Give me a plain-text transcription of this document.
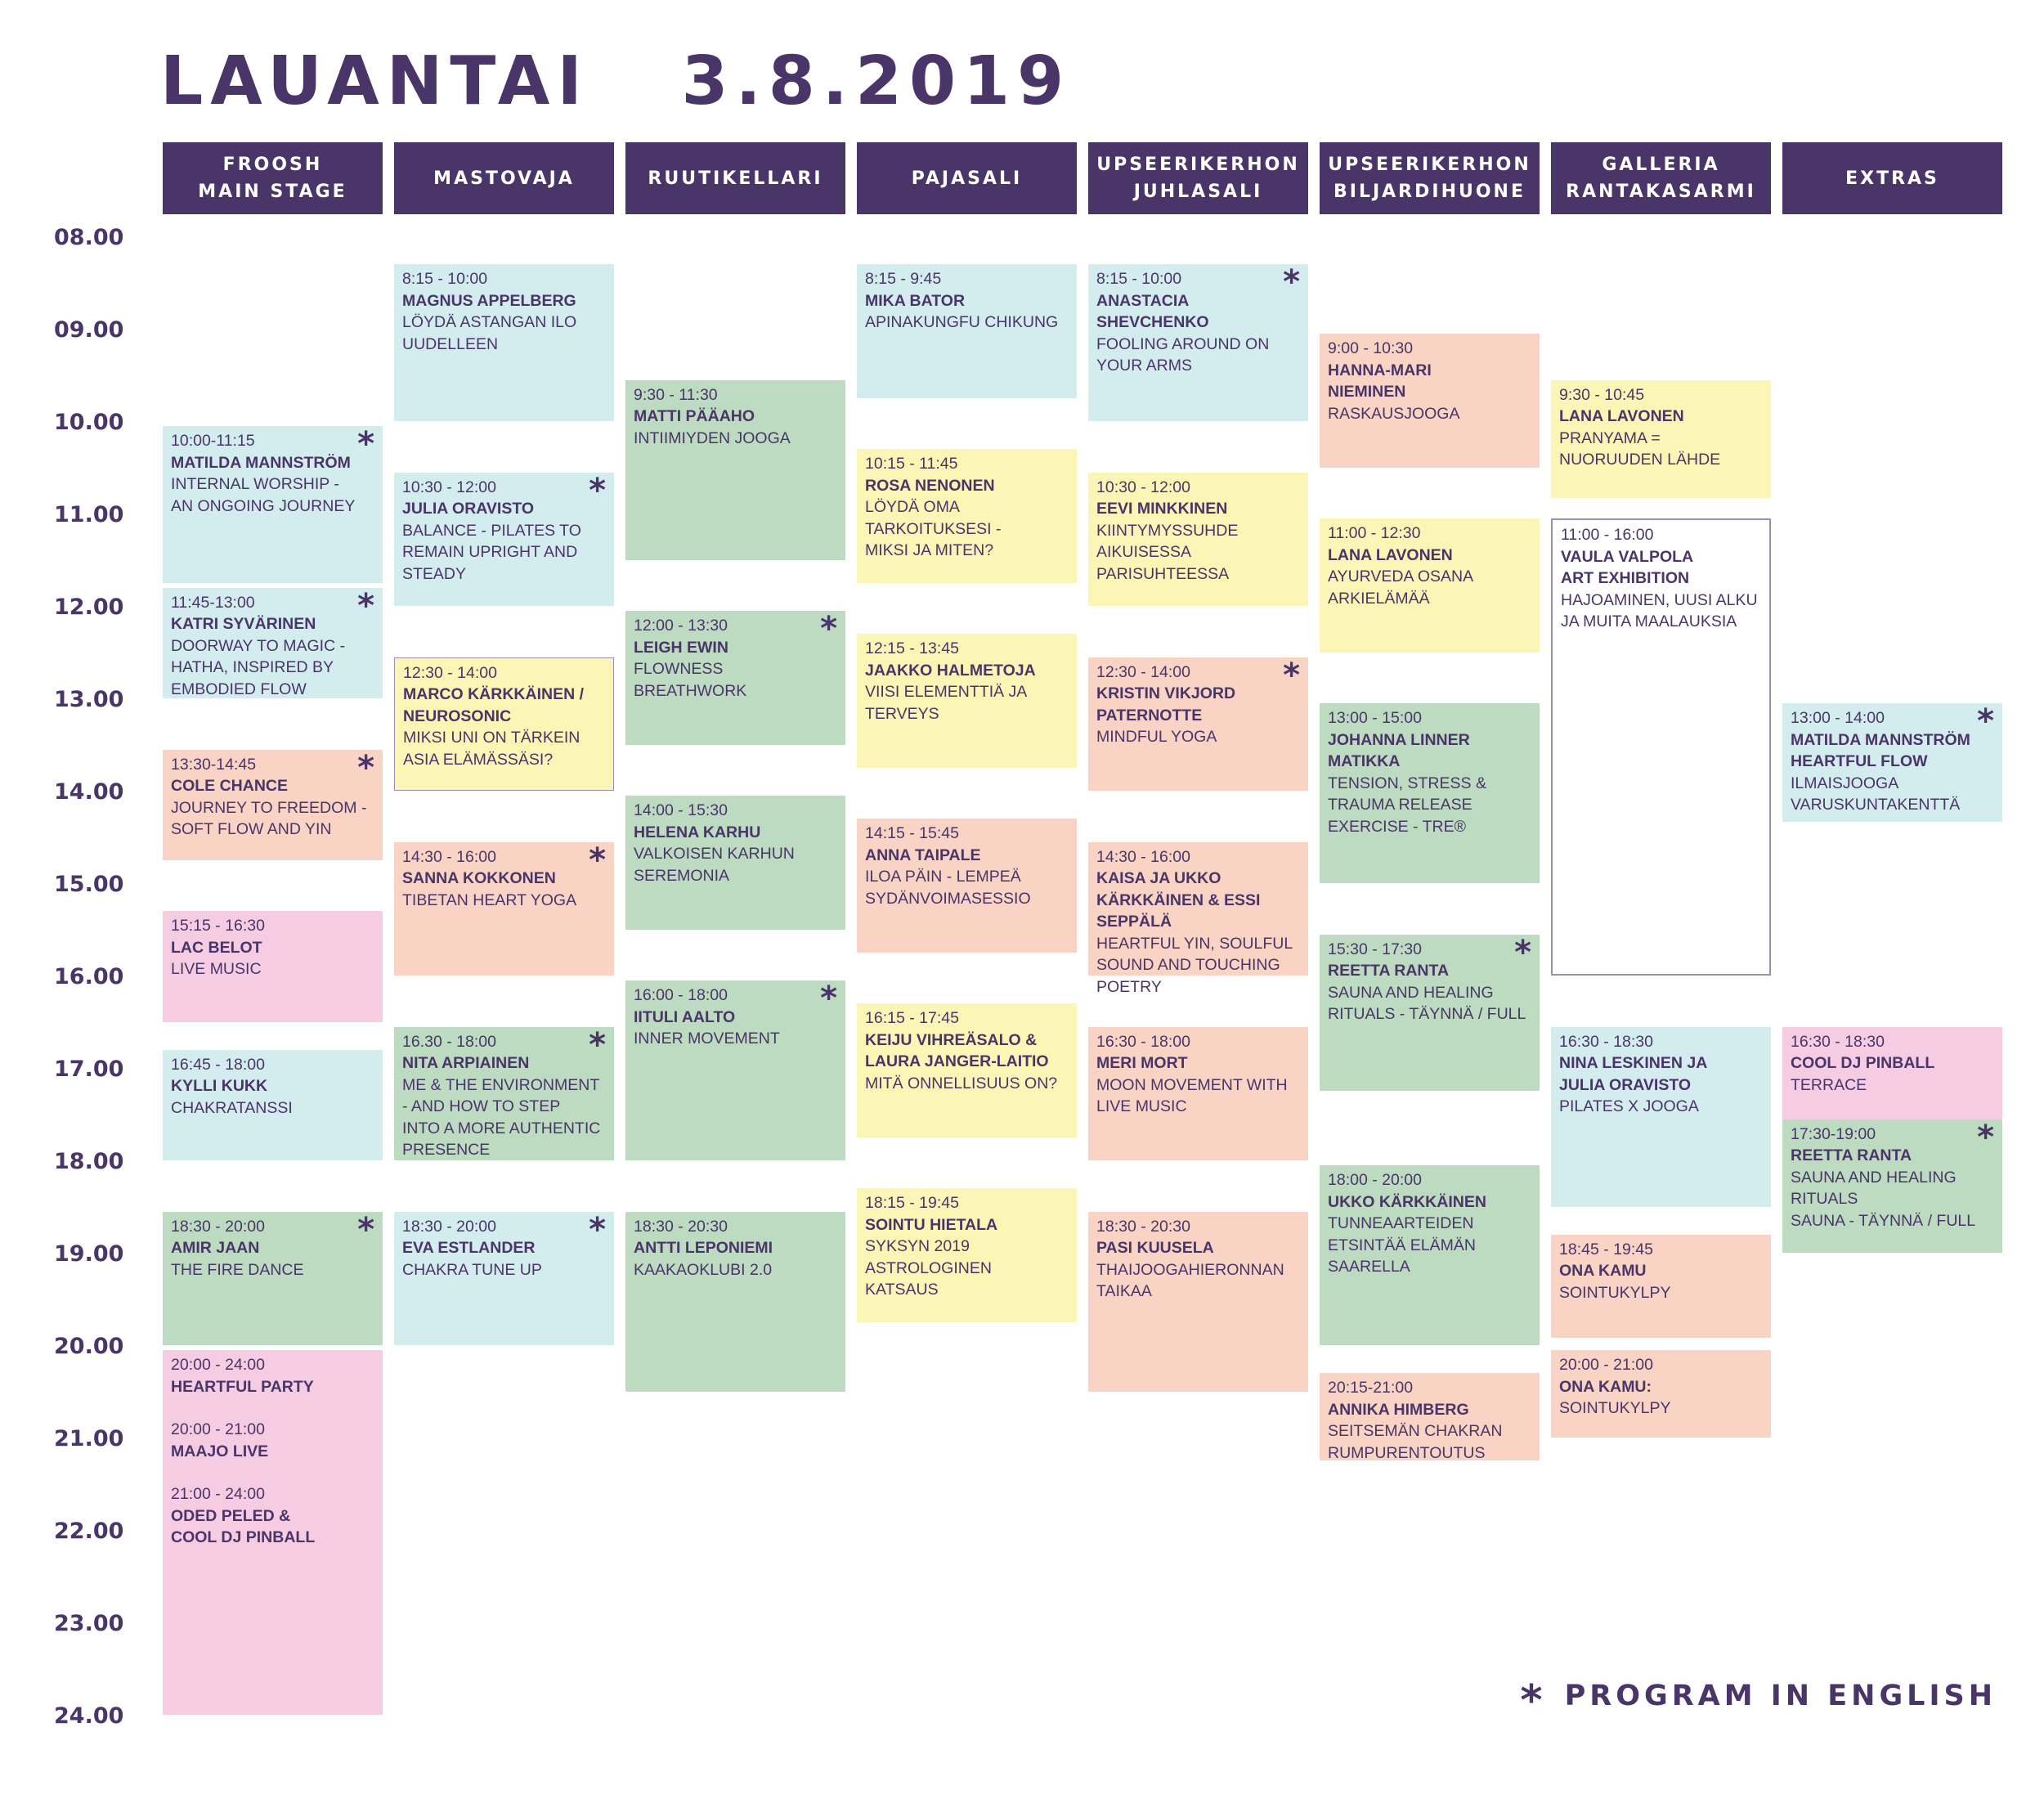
LAUANTAI   3.8.2019
FROOSH
MAIN STAGE
MASTOVAJA	RUUTIKELLARI	PAJASALI
UPSEERIKERHON
JUHLASALI
UPSEERIKERHON
BILJARDIHUONE
GALLERIA
RANTAKASARMI
EXTRAS
08.00
09.00
10.00
11.00
12.00
13.00
14.00
15.00
16.00
17.00
18.00
19.00
20.00
21.00
22.00
23.00
24.00
10:00-11:15
MATILDA MANNSTRÖM
INTERNAL WORSHIP -
AN ONGOING JOURNEY
*
11:45-13:00
KATRI SYVÄRINEN
DOORWAY TO MAGIC -
HATHA, INSPIRED BY
EMBODIED FLOW
*
13:30-14:45
COLE CHANCE
JOURNEY TO FREEDOM -
SOFT FLOW AND YIN
*
15:15 - 16:30
LAC BELOT
LIVE MUSIC
16:45 - 18:00
KYLLI KUKK
CHAKRATANSSI
18:30 - 20:00
AMIR JAAN
THE FIRE DANCE
*
20:00 - 24:00
HEARTFUL PARTY
20:00 - 21:00
MAAJO LIVE
21:00 - 24:00
ODED PELED &
COOL DJ PINBALL
8:15 - 10:00
MAGNUS APPELBERG
LÖYDÄ ASTANGAN ILO
UUDELLEEN
10:30 - 12:00
JULIA ORAVISTO
BALANCE - PILATES TO
REMAIN UPRIGHT AND
STEADY
*
12:30 - 14:00
MARCO KÄRKKÄINEN /
NEUROSONIC
MIKSI UNI ON TÄRKEIN
ASIA ELÄMÄSSÄSI?
14:30 - 16:00
SANNA KOKKONEN
TIBETAN HEART YOGA
*
16.30 - 18:00
NITA ARPIAINEN
ME & THE ENVIRONMENT
- AND HOW TO STEP
INTO A MORE AUTHENTIC
PRESENCE
*
18:30 - 20:00
EVA ESTLANDER
CHAKRA TUNE UP
*
9:30 - 11:30
MATTI PÄÄAHO
INTIIMIYDEN JOOGA
12:00 - 13:30
LEIGH EWIN
FLOWNESS BREATHWORK
*
14:00 - 15:30
HELENA KARHU
VALKOISEN KARHUN
SEREMONIA
16:00 - 18:00
IITULI AALTO
INNER MOVEMENT
*
18:30 - 20:30
ANTTI LEPONIEMI
KAAKAOKLUBI 2.0
8:15 - 9:45
MIKA BATOR
APINAKUNGFU CHIKUNG
10:15 - 11:45
ROSA NENONEN
LÖYDÄ OMA
TARKOITUKSESI -
MIKSI JA MITEN?
12:15 - 13:45
JAAKKO HALMETOJA
VIISI ELEMENTTIÄ JA
TERVEYS
14:15 - 15:45
ANNA TAIPALE
ILOA PÄIN - LEMPEÄ
SYDÄNVOIMASESSIO
16:15 - 17:45
KEIJU VIHREÄSALO &
LAURA JANGER-LAITIO
MITÄ ONNELLISUUS ON?
18:15 - 19:45
SOINTU HIETALA
SYKSYN 2019
ASTROLOGINEN KATSAUS
8:15 - 10:00
ANASTACIA
SHEVCHENKO
FOOLING AROUND ON
YOUR ARMS
*
10:30 - 12:00
EEVI MINKKINEN
KIINTYMYSSUHDE
AIKUISESSA
PARISUHTEESSA
12:30 - 14:00
KRISTIN VIKJORD
PATERNOTTE
MINDFUL YOGA
*
14:30 - 16:00
KAISA JA UKKO
KÄRKKÄINEN & ESSI
SEPPÄLÄ
HEARTFUL YIN, SOULFUL
SOUND AND TOUCHING
POETRY
16:30 - 18:00
MERI MORT
MOON MOVEMENT WITH
LIVE MUSIC
18:30 - 20:30
PASI KUUSELA
THAIJOOGAHIERONNAN
TAIKAA
9:00 - 10:30
HANNA-MARI
NIEMINEN
RASKAUSJOOGA
11:00 - 12:30
LANA LAVONEN
AYURVEDA OSANA
ARKIELÄMÄÄ
13:00 - 15:00
JOHANNA LINNER
MATIKKA
TENSION, STRESS &
TRAUMA RELEASE
EXERCISE - TRE®
15:30 - 17:30
REETTA RANTA
SAUNA AND HEALING
RITUALS - TÄYNNÄ / FULL
*
18:00 - 20:00
UKKO KÄRKKÄINEN
TUNNEAARTEIDEN
ETSINTÄÄ ELÄMÄN
SAARELLA
20:15-21:00
ANNIKA HIMBERG
SEITSEMÄN CHAKRAN
RUMPURENTOUTUS
9:30 - 10:45
LANA LAVONEN
PRANYAMA =
NUORUUDEN LÄHDE
11:00 - 16:00
VAULA VALPOLA
ART EXHIBITION
HAJOAMINEN, UUSI ALKU
JA MUITA MAALAUKSIA
16:30 - 18:30
NINA LESKINEN JA
JULIA ORAVISTO
PILATES X JOOGA
18:45 - 19:45
ONA KAMU
SOINTUKYLPY
20:00 - 21:00
ONA KAMU:
SOINTUKYLPY
13:00 - 14:00
MATILDA MANNSTRÖM
HEARTFUL FLOW
ILMAISJOOGA
VARUSKUNTAKENTTÄ
*
16:30 - 18:30
COOL DJ PINBALL
TERRACE
17:30-19:00
REETTA RANTA
SAUNA AND HEALING
RITUALS
SAUNA - TÄYNNÄ / FULL
*
* PROGRAM IN ENGLISH
